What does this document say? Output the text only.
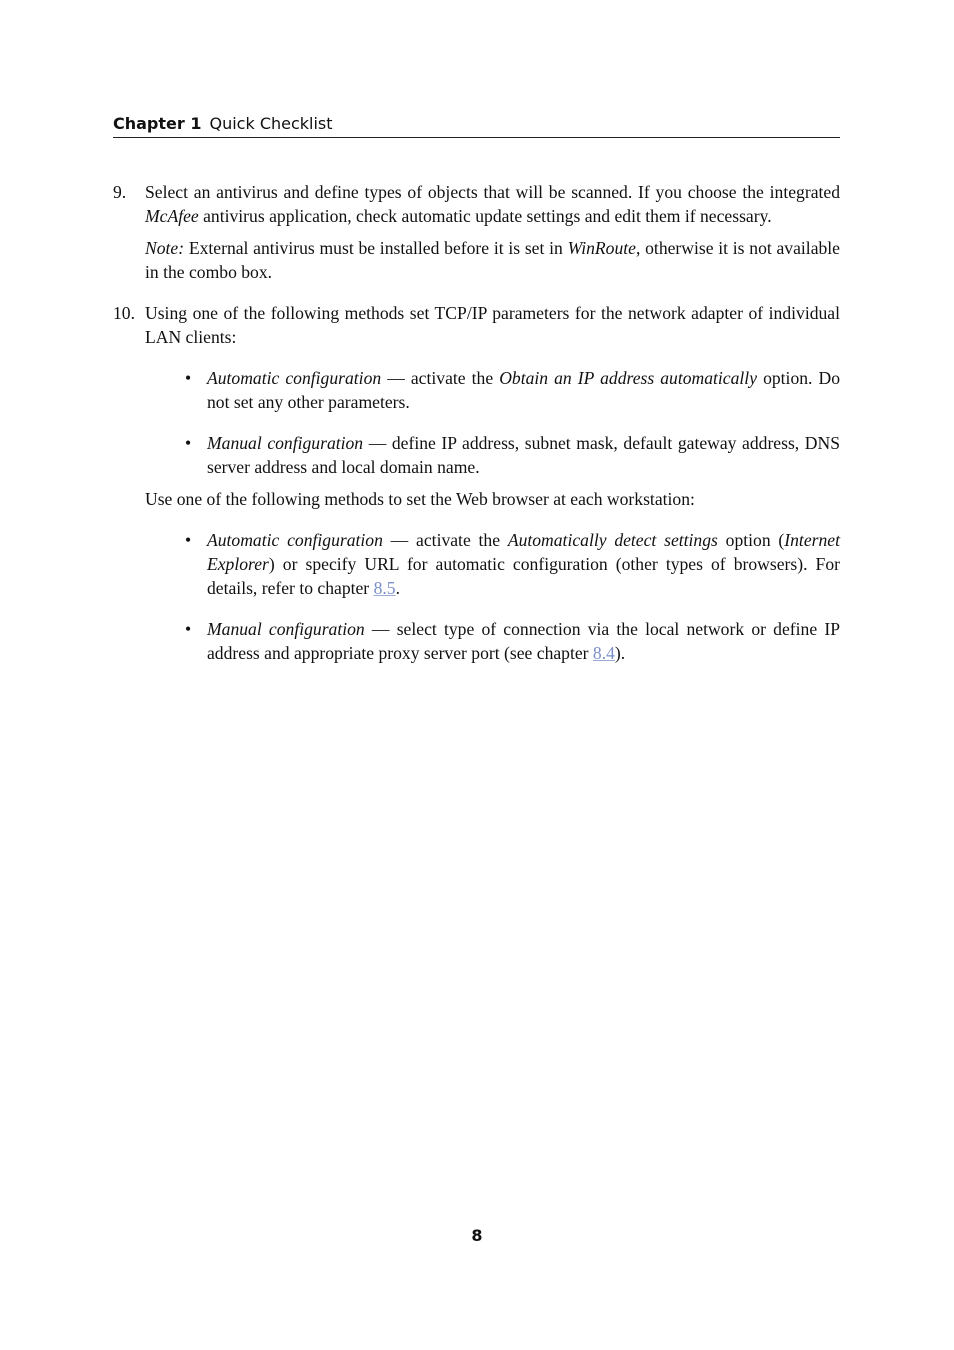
Chapter 1 Quick Checklist
9. Select an antivirus and define types of objects that will be scanned. If you choose the integrated McAfee antivirus application, check automatic update settings and edit them if necessary.

Note: External antivirus must be installed before it is set in WinRoute, otherwise it is not available in the combo box.

10. Using one of the following methods set TCP/IP parameters for the network adapter of individual LAN clients:

• Automatic configuration — activate the Obtain an IP address automatically option. Do not set any other parameters.
• Manual configuration — define IP address, subnet mask, default gateway address, DNS server address and local domain name.

Use one of the following methods to set the Web browser at each workstation:

• Automatic configuration — activate the Automatically detect settings option (Internet Explorer) or specify URL for automatic configuration (other types of browsers). For details, refer to chapter 8.5.
• Manual configuration — select type of connection via the local network or define IP address and appropriate proxy server port (see chapter 8.4).
8
